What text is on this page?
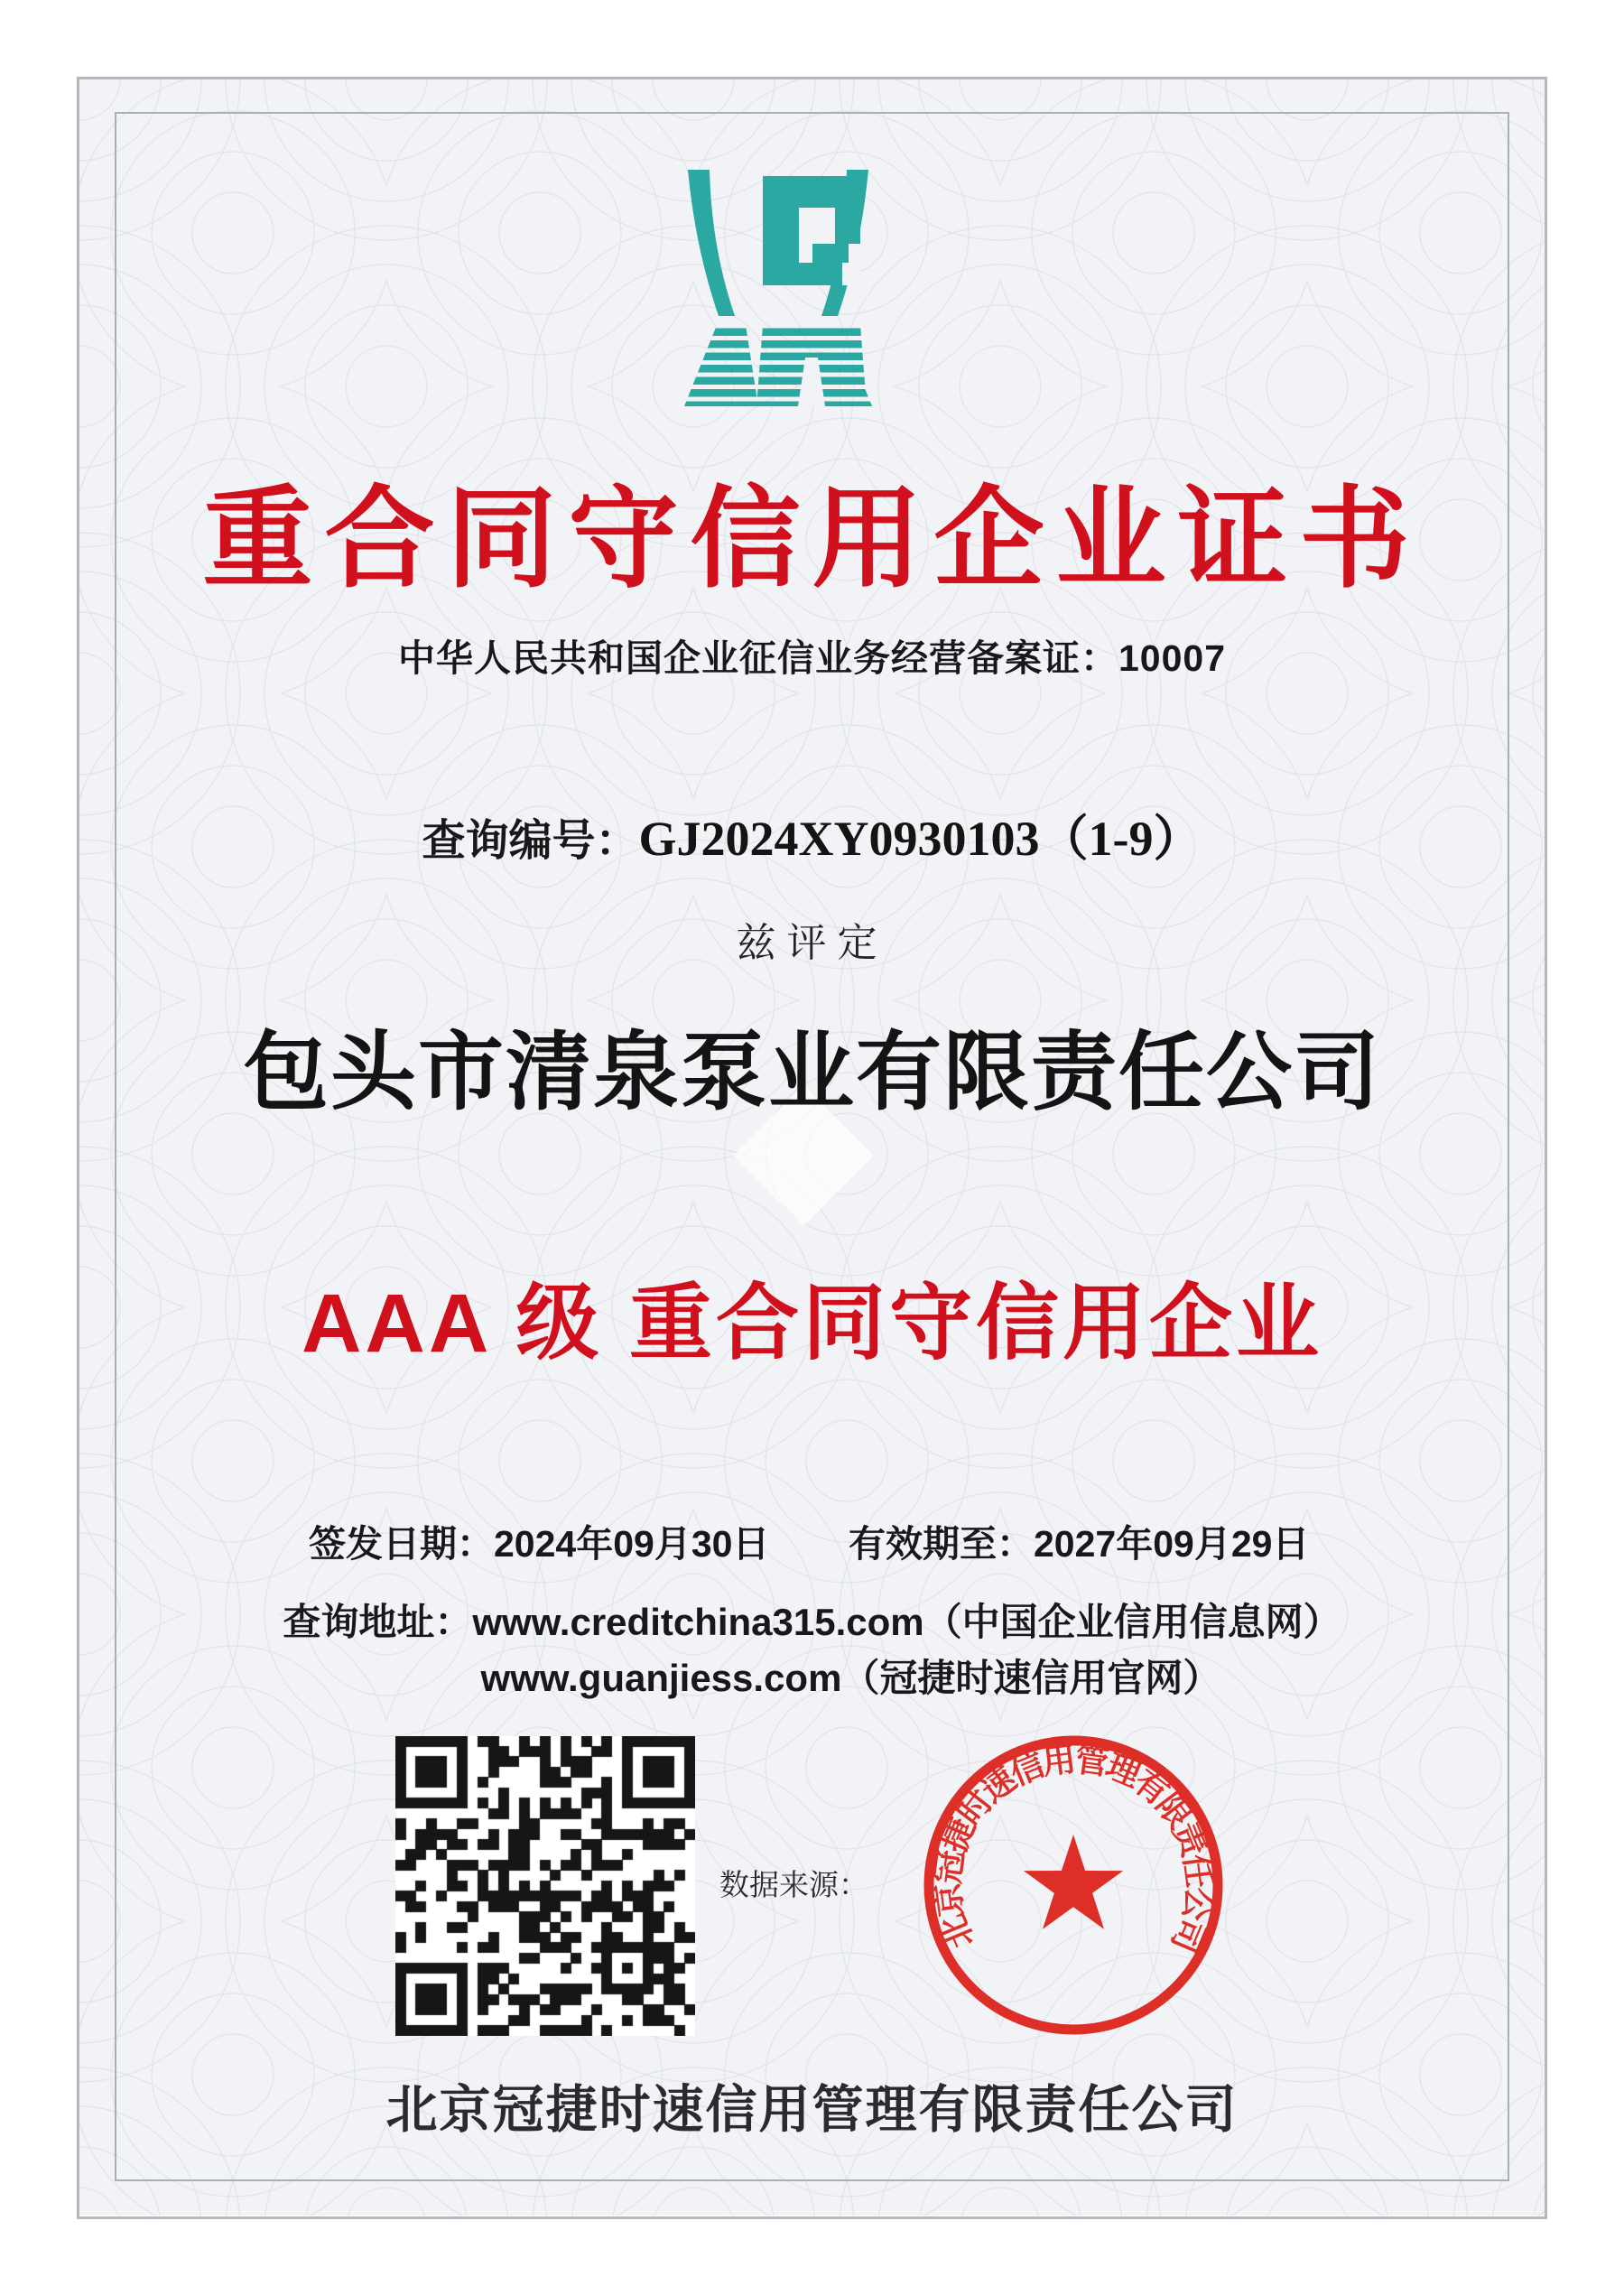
重合同守信用企业证书
中华人民共和国企业征信业务经营备案证：10007
查询编号：GJ2024XY0930103（1-9）
兹评定
包头市清泉泵业有限责任公司
AAA 级 重合同守信用企业
签发日期：2024年09月30日 有效期至：2027年09月29日
查询地址：www.creditchina315.com（中国企业信用信息网）
www.guanjiess.com（冠捷时速信用官网）
数据来源：
北京冠捷时速信用管理有限责任公司
北京冠捷时速信用管理有限责任公司
